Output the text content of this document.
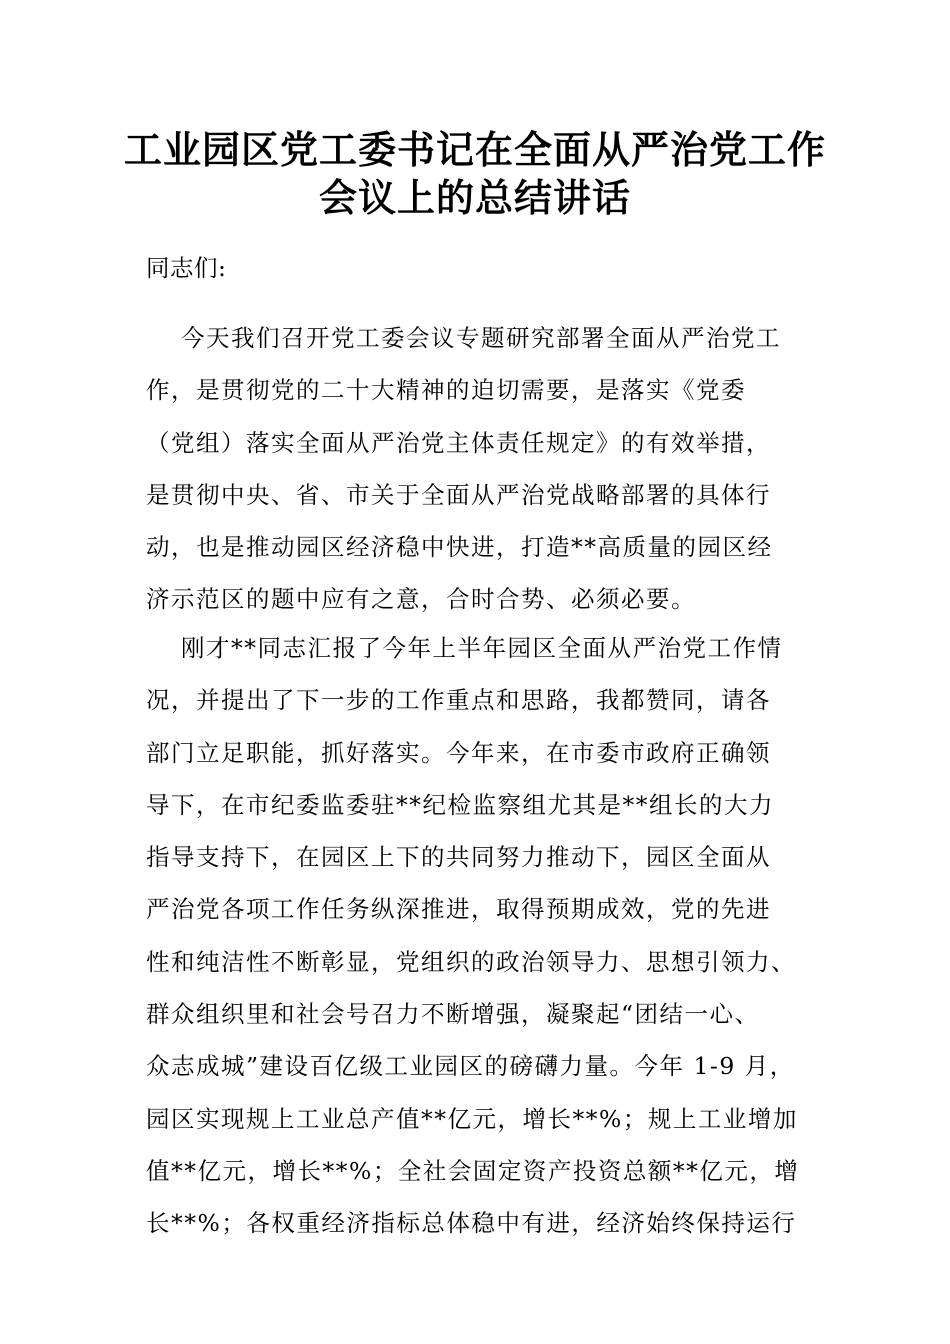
工业园区党工委书记在全面从严治党工作
会议上的总结讲话
同志们:
今天我们召开党工委会议专题研究部署全面从严治党工
作，是贯彻党的二十大精神的迫切需要，是落实《党委
（党组）落实全面从严治党主体责任规定》的有效举措，
是贯彻中央、省、市关于全面从严治党战略部署的具体行
动，也是推动园区经济稳中快进，打造**高质量的园区经
济示范区的题中应有之意，合时合势、必须必要。
刚才**同志汇报了今年上半年园区全面从严治党工作情
况，并提出了下一步的工作重点和思路，我都赞同，请各
部门立足职能，抓好落实。今年来，在市委市政府正确领
导下，在市纪委监委驻**纪检监察组尤其是**组长的大力
指导支持下，在园区上下的共同努力推动下，园区全面从
严治党各项工作任务纵深推进，取得预期成效，党的先进
性和纯洁性不断彰显，党组织的政治领导力、思想引领力、
群众组织里和社会号召力不断增强，凝聚起“团结一心、
众志成城”建设百亿级工业园区的磅礴力量。今年 1-9 月，
园区实现规上工业总产值**亿元，增长**%；规上工业增加
值**亿元，增长**%；全社会固定资产投资总额**亿元，增
长**%；各权重经济指标总体稳中有进，经济始终保持运行
